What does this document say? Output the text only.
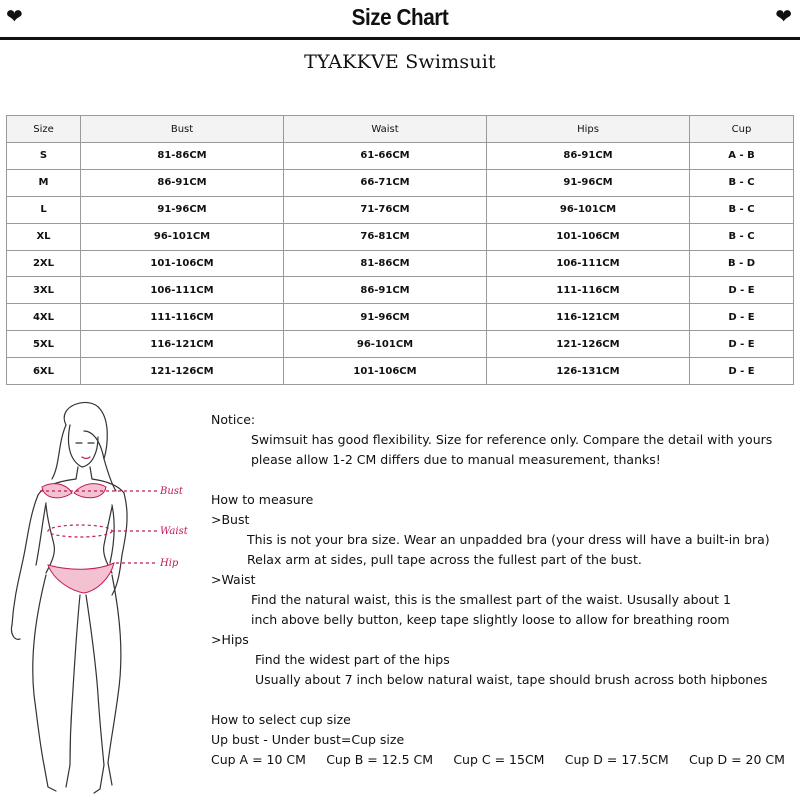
❤	Size Chart	❤
TYAKKVE Swimsuit
Size	Bust	Waist	Hips	Cup
S	81-86CM	61-66CM	86-91CM	A - B
M	86-91CM	66-71CM	91-96CM	B - C
L	91-96CM	71-76CM	96-101CM	B - C
XL	96-101CM	76-81CM	101-106CM	B - C
2XL	101-106CM	81-86CM	106-111CM	B - D
3XL	106-111CM	86-91CM	111-116CM	D - E
4XL	111-116CM	91-96CM	116-121CM	D - E
5XL	116-121CM	96-101CM	121-126CM	D - E
6XL	121-126CM	101-106CM	126-131CM	D - E
Bust
Waist
Hip

Notice:

Swimsuit has good flexibility. Size for reference only. Compare the detail with yours

please allow 1-2 CM differs due to manual measurement, thanks!

How to measure

>Bust

This is not your bra size. Wear an unpadded bra (your dress will have a built-in bra)

Relax arm at sides, pull tape across the fullest part of the bust.

>Waist

Find the natural waist, this is the smallest part of the waist. Ususally about 1

inch above belly button, keep tape slightly loose to allow for breathing room

>Hips

Find the widest part of the hips

Usually about 7 inch below natural waist, tape should brush across both hipbones

How to select cup size

Up bust - Under bust=Cup size

Cup A = 10 CM Cup B = 12.5 CM Cup C = 15CM Cup D = 17.5CM Cup D = 20 CM
